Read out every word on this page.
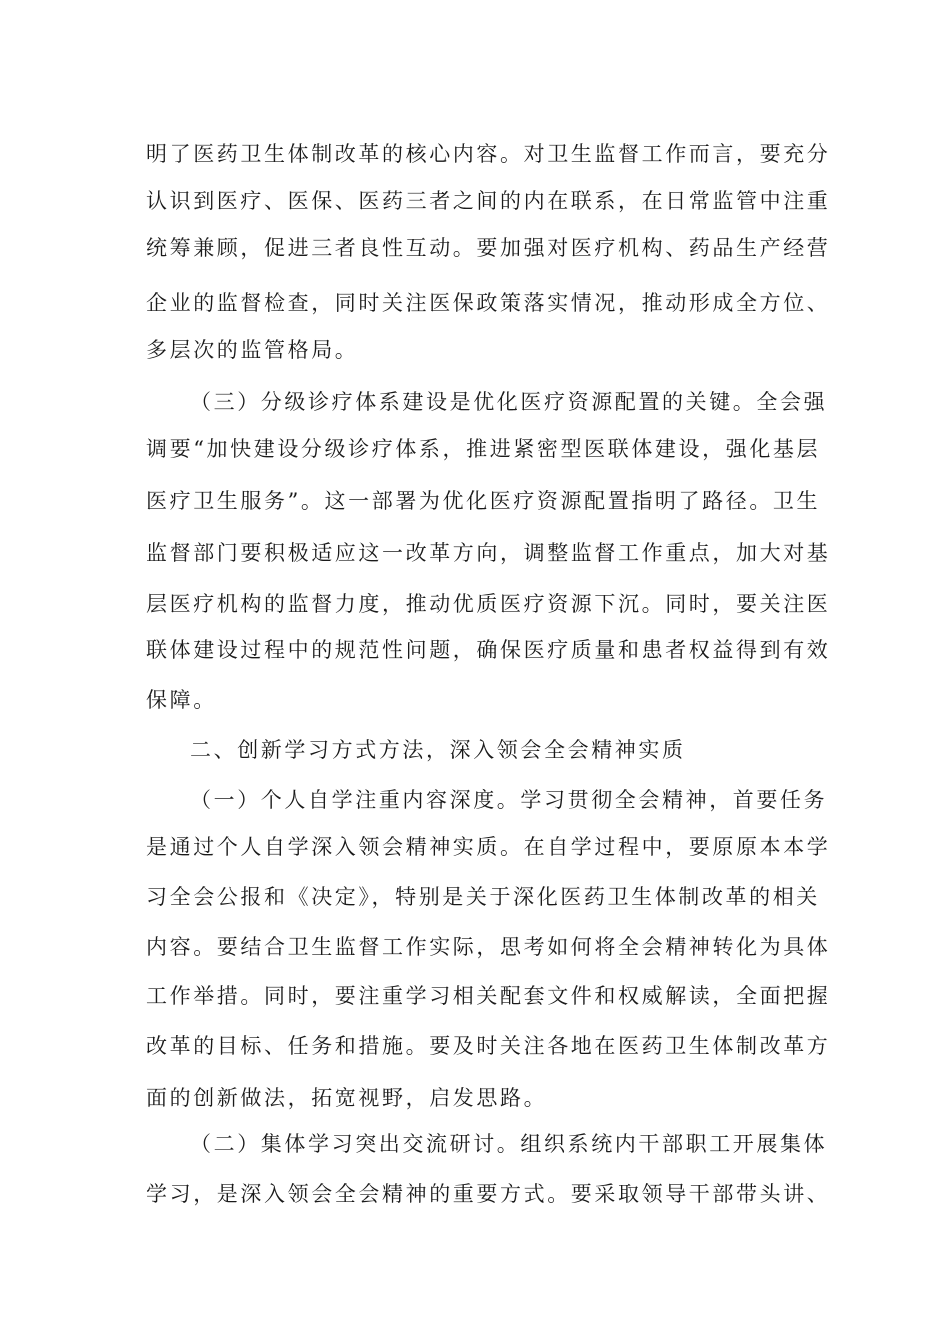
明了医药卫生体制改革的核心内容。对卫生监督工作而言，要充分
认识到医疗、医保、医药三者之间的内在联系，在日常监管中注重
统筹兼顾，促进三者良性互动。要加强对医疗机构、药品生产经营
企业的监督检查，同时关注医保政策落实情况，推动形成全方位、
多层次的监管格局。
（三）分级诊疗体系建设是优化医疗资源配置的关键。全会强
调要“加快建设分级诊疗体系，推进紧密型医联体建设，强化基层
医疗卫生服务”。这一部署为优化医疗资源配置指明了路径。卫生
监督部门要积极适应这一改革方向，调整监督工作重点，加大对基
层医疗机构的监督力度，推动优质医疗资源下沉。同时，要关注医
联体建设过程中的规范性问题，确保医疗质量和患者权益得到有效
保障。
二、创新学习方式方法，深入领会全会精神实质
（一）个人自学注重内容深度。学习贯彻全会精神，首要任务
是通过个人自学深入领会精神实质。在自学过程中，要原原本本学
习全会公报和《决定》，特别是关于深化医药卫生体制改革的相关
内容。要结合卫生监督工作实际，思考如何将全会精神转化为具体
工作举措。同时，要注重学习相关配套文件和权威解读，全面把握
改革的目标、任务和措施。要及时关注各地在医药卫生体制改革方
面的创新做法，拓宽视野，启发思路。
（二）集体学习突出交流研讨。组织系统内干部职工开展集体
学习，是深入领会全会精神的重要方式。要采取领导干部带头讲、
